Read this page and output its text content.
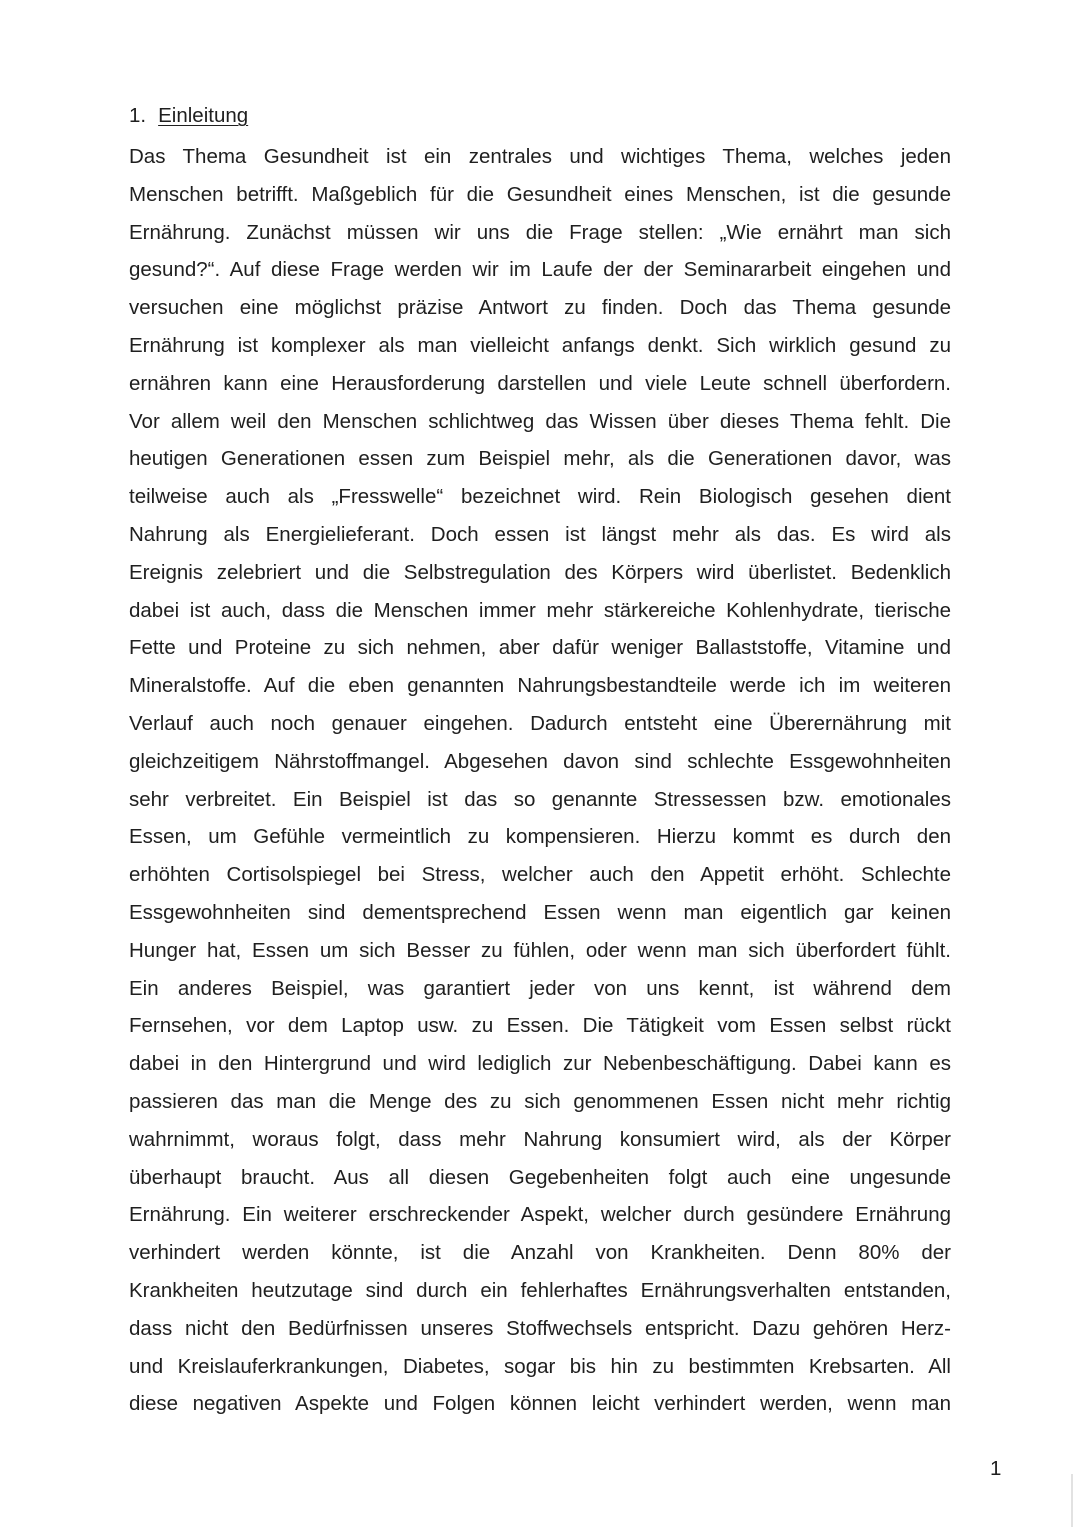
1. Einleitung
Das Thema Gesundheit ist ein zentrales und wichtiges Thema, welches jeden
Menschen betrifft. Maßgeblich für die Gesundheit eines Menschen, ist die gesunde
Ernährung. Zunächst müssen wir uns die Frage stellen: „Wie ernährt man sich
gesund?“. Auf diese Frage werden wir im Laufe der der Seminararbeit eingehen und
versuchen eine möglichst präzise Antwort zu finden. Doch das Thema gesunde
Ernährung ist komplexer als man vielleicht anfangs denkt. Sich wirklich gesund zu
ernähren kann eine Herausforderung darstellen und viele Leute schnell überfordern.
Vor allem weil den Menschen schlichtweg das Wissen über dieses Thema fehlt. Die
heutigen Generationen essen zum Beispiel mehr, als die Generationen davor, was
teilweise auch als „Fresswelle“ bezeichnet wird. Rein Biologisch gesehen dient
Nahrung als Energielieferant. Doch essen ist längst mehr als das. Es wird als
Ereignis zelebriert und die Selbstregulation des Körpers wird überlistet. Bedenklich
dabei ist auch, dass die Menschen immer mehr stärkereiche Kohlenhydrate, tierische
Fette und Proteine zu sich nehmen, aber dafür weniger Ballaststoffe, Vitamine und
Mineralstoffe. Auf die eben genannten Nahrungsbestandteile werde ich im weiteren
Verlauf auch noch genauer eingehen. Dadurch entsteht eine Überernährung mit
gleichzeitigem Nährstoffmangel. Abgesehen davon sind schlechte Essgewohnheiten
sehr verbreitet. Ein Beispiel ist das so genannte Stressessen bzw. emotionales
Essen, um Gefühle vermeintlich zu kompensieren. Hierzu kommt es durch den
erhöhten Cortisolspiegel bei Stress, welcher auch den Appetit erhöht. Schlechte
Essgewohnheiten sind dementsprechend Essen wenn man eigentlich gar keinen
Hunger hat, Essen um sich Besser zu fühlen, oder wenn man sich überfordert fühlt.
Ein anderes Beispiel, was garantiert jeder von uns kennt, ist während dem
Fernsehen, vor dem Laptop usw. zu Essen. Die Tätigkeit vom Essen selbst rückt
dabei in den Hintergrund und wird lediglich zur Nebenbeschäftigung. Dabei kann es
passieren das man die Menge des zu sich genommenen Essen nicht mehr richtig
wahrnimmt, woraus folgt, dass mehr Nahrung konsumiert wird, als der Körper
überhaupt braucht. Aus all diesen Gegebenheiten folgt auch eine ungesunde
Ernährung. Ein weiterer erschreckender Aspekt, welcher durch gesündere Ernährung
verhindert werden könnte, ist die Anzahl von Krankheiten. Denn 80% der
Krankheiten heutzutage sind durch ein fehlerhaftes Ernährungsverhalten entstanden,
dass nicht den Bedürfnissen unseres Stoffwechsels entspricht. Dazu gehören Herz-
und Kreislauferkrankungen, Diabetes, sogar bis hin zu bestimmten Krebsarten. All
diese negativen Aspekte und Folgen können leicht verhindert werden, wenn man
1
